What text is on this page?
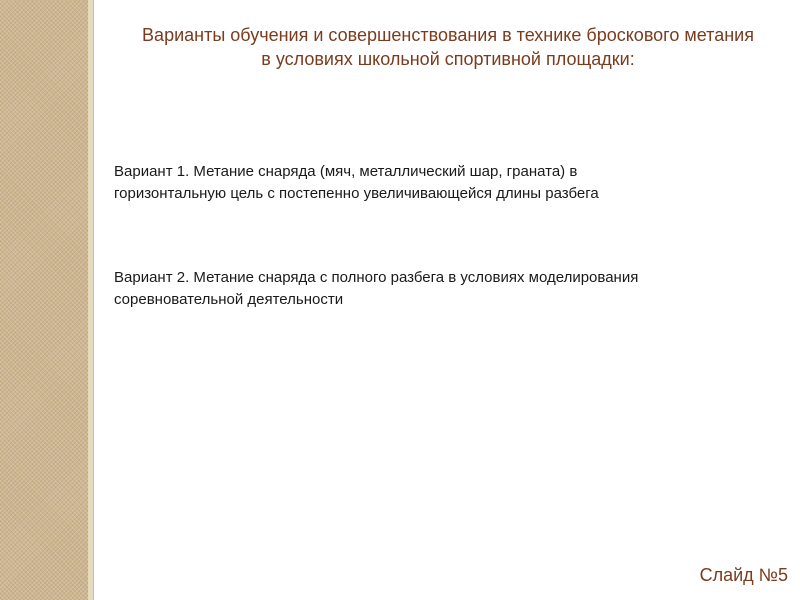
Варианты обучения и совершенствования в технике броскового метания
в условиях школьной спортивной площадки:

Вариант 1. Метание снаряда (мяч, металлический шар, граната) в
горизонтальную цель с постепенно увеличивающейся длины разбега

Вариант 2. Метание снаряда с полного разбега в условиях моделирования
соревновательной деятельности

Слайд №5
